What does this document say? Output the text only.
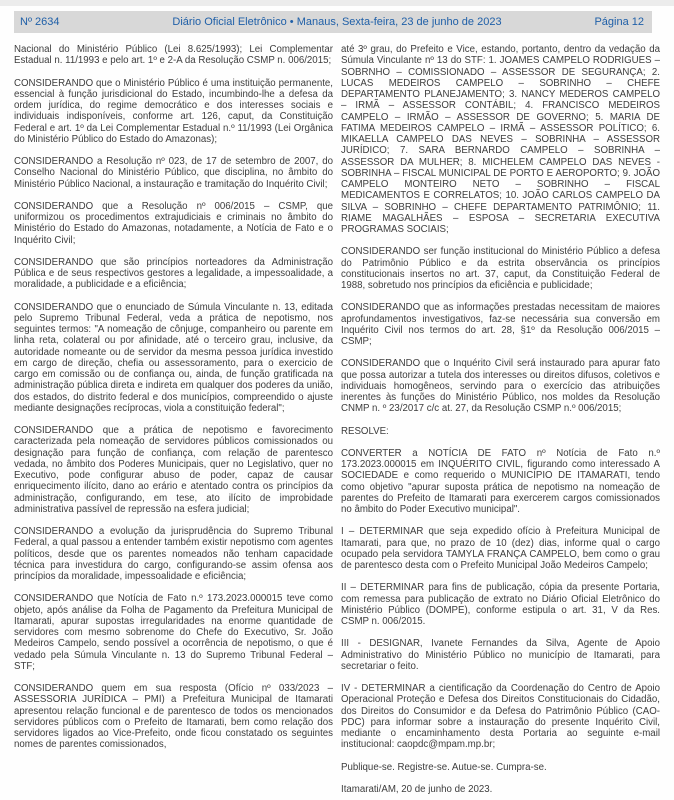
Nº 2634	Diário Oficial Eletrônico • Manaus, Sexta-feira, 23 de junho de 2023	Página 12

Nacional do Ministério Público (Lei 8.625/1993); Lei Complementar Estadual n. 11/1993 e pelo art. 1º e 2-A da Resolução CSMP n. 006/2015;

CONSIDERANDO que o Ministério Público é uma instituição permanente, essencial à função jurisdicional do Estado, incumbindo-lhe a defesa da ordem jurídica, do regime democrático e dos interesses sociais e individuais indisponíveis, conforme art. 126, caput, da Constituição Federal e art. 1º da Lei Complementar Estadual n.º 11/1993 (Lei Orgânica do Ministério Público do Estado do Amazonas);

CONSIDERANDO a Resolução nº 023, de 17 de setembro de 2007, do Conselho Nacional do Ministério Público, que disciplina, no âmbito do Ministério Público Nacional, a instauração e tramitação do Inquérito Civil;

CONSIDERANDO que a Resolução nº 006/2015 – CSMP, que uniformizou os procedimentos extrajudiciais e criminais no âmbito do Ministério do Estado do Amazonas, notadamente, a Notícia de Fato e o Inquérito Civil;

CONSIDERANDO que são princípios norteadores da Administração Pública e de seus respectivos gestores a legalidade, a impessoalidade, a moralidade, a publicidade e a eficiência;

CONSIDERANDO que o enunciado de Súmula Vinculante n. 13, editada pelo Supremo Tribunal Federal, veda a prática de nepotismo, nos seguintes termos: "A nomeação de cônjuge, companheiro ou parente em linha reta, colateral ou por afinidade, até o terceiro grau, inclusive, da autoridade nomeante ou de servidor da mesma pessoa jurídica investido em cargo de direção, chefia ou assessoramento, para o exercicio de cargo em comissão ou de confiança ou, ainda, de função gratificada na administração pública direta e indireta em qualquer dos poderes da união, dos estados, do distrito federal e dos municípios, compreendido o ajuste mediante designações recíprocas, viola a constituição federal";

CONSIDERANDO que a prática de nepotismo e favorecimento caracterizada pela nomeação de servidores públicos comissionados ou designação para função de confiança, com relação de parentesco vedada, no âmbito dos Poderes Municipais, quer no Legislativo, quer no Executivo, pode configurar abuso de poder, capaz de causar enriquecimento ilícito, dano ao erário e atentado contra os princípios da administração, configurando, em tese, ato ilícito de improbidade administrativa passível de repressão na esfera judicial;

CONSIDERANDO a evolução da jurisprudência do Supremo Tribunal Federal, a qual passou a entender também existir nepotismo com agentes políticos, desde que os parentes nomeados não tenham capacidade técnica para investidura do cargo, configurando-se assim ofensa aos princípios da moralidade, impessoalidade e eficiência;

CONSIDERANDO que Notícia de Fato n.º 173.2023.000015 teve como objeto, após análise da Folha de Pagamento da Prefeitura Municipal de Itamarati, apurar supostas irregularidades na enorme quantidade de servidores com mesmo sobrenome do Chefe do Executivo, Sr. João Medeiros Campelo, sendo possível a ocorrência de nepotismo, o que é vedado pela Súmula Vinculante n. 13 do Supremo Tribunal Federal – STF;

CONSIDERANDO quem em sua resposta (Ofício nº 033/2023 – ASSESSORIA JURÍDICA – PMI) a Prefeitura Municipal de Itamarati apresentou relação funcional e de parentesco de todos os mencionados servidores públicos com o Prefeito de Itamarati, bem como relação dos servidores ligados ao Vice-Prefeito, onde ficou constatado os seguintes nomes de parentes comissionados,

até 3º grau, do Prefeito e Vice, estando, portanto, dentro da vedação da Súmula Vinculante nº 13 do STF: 1. JOAMES CAMPELO RODRIGUES – SOBRNHO – COMISSIONADO – ASSESSOR DE SEGURANÇA; 2. LUCAS MEDEIROS CAMPELO – SOBRINHO – CHEFE DEPARTAMENTO PLANEJAMENTO; 3. NANCY MEDEROS CAMPELO – IRMÃ – ASSESSOR CONTÁBIL; 4. FRANCISCO MEDEIROS CAMPELO – IRMÃO – ASSESSOR DE GOVERNO; 5. MARIA DE FATIMA MEDEIROS CAMPELO – IRMÃ – ASSESSOR POLÍTICO; 6. MIKAELLA CAMPELO DAS NEVES – SOBRINHA – ASSESSOR JURÍDICO; 7. SARA BERNARDO CAMPELO – SOBRINHA – ASSESSOR DA MULHER; 8. MICHELEM CAMPELO DAS NEVES - SOBRINHA – FISCAL MUNICIPAL DE PORTO E AEROPORTO; 9. JOÃO CAMPELO MONTEIRO NETO – SOBRINHO – FISCAL MEDICAMENTOS E CORRELATOS; 10. JOÃO CARLOS CAMPELO DA SILVA – SOBRINHO – CHEFE DEPARTAMENTO PATRIMÔNIO; 11. RIAME MAGALHÃES – ESPOSA – SECRETARIA EXECUTIVA PROGRAMAS SOCIAIS;

CONSIDERANDO ser função institucional do Ministério Público a defesa do Patrimônio Público e da estrita observância os princípios constitucionais insertos no art. 37, caput, da Constituição Federal de 1988, sobretudo nos princípios da eficiência e publicidade;

CONSIDERANDO que as informações prestadas necessitam de maiores aprofundamentos investigativos, faz-se necessária sua conversão em Inquérito Civil nos termos do art. 28, §1º da Resolução 006/2015 – CSMP;

CONSIDERANDO que o Inquérito Civil será instaurado para apurar fato que possa autorizar a tutela dos interesses ou direitos difusos, coletivos e individuais homogêneos, servindo para o exercício das atribuições inerentes às funções do Ministério Público, nos moldes da Resolução CNMP n. º 23/2017 c/c at. 27, da Resolução CSMP n.º 006/2015;

RESOLVE:

CONVERTER a NOTÍCIA DE FATO nº Notícia de Fato n.º 173.2023.000015 em INQUÉRITO CIVIL, figurando como interessado A SOCIEDADE e como requerido o MUNICÍPIO DE ITAMARATI, tendo como objetivo "apurar suposta prática de nepotismo na nomeação de parentes do Prefeito de Itamarati para exercerem cargos comissionados no âmbito do Poder Executivo municipal".

I – DETERMINAR que seja expedido ofício à Prefeitura Municipal de Itamarati, para que, no prazo de 10 (dez) dias, informe qual o cargo ocupado pela servidora TAMYLA FRANÇA CAMPELO, bem como o grau de parentesco desta com o Prefeito Municipal João Medeiros Campelo;

II – DETERMINAR para fins de publicação, cópia da presente Portaria, com remessa para publicação de extrato no Diário Oficial Eletrônico do Ministério Público (DOMPE), conforme estipula o art. 31, V da Res. CSMP n. 006/2015.

III - DESIGNAR, Ivanete Fernandes da Silva, Agente de Apoio Administrativo do Ministério Público no município de Itamarati, para secretariar o feito.

IV - DETERMINAR a cientificação da Coordenação do Centro de Apoio Operacional Proteção e Defesa dos Direitos Constitucionais do Cidadão, dos Direitos do Consumidor e da Defesa do Patrimônio Público (CAO-PDC) para informar sobre a instauração do presente Inquérito Civil, mediante o encaminhamento desta Portaria ao seguinte e-mail institucional: caopdc@mpam.mp.br;

Publique-se. Registre-se. Autue-se. Cumpra-se.

Itamarati/AM, 20 de junho de 2023.
